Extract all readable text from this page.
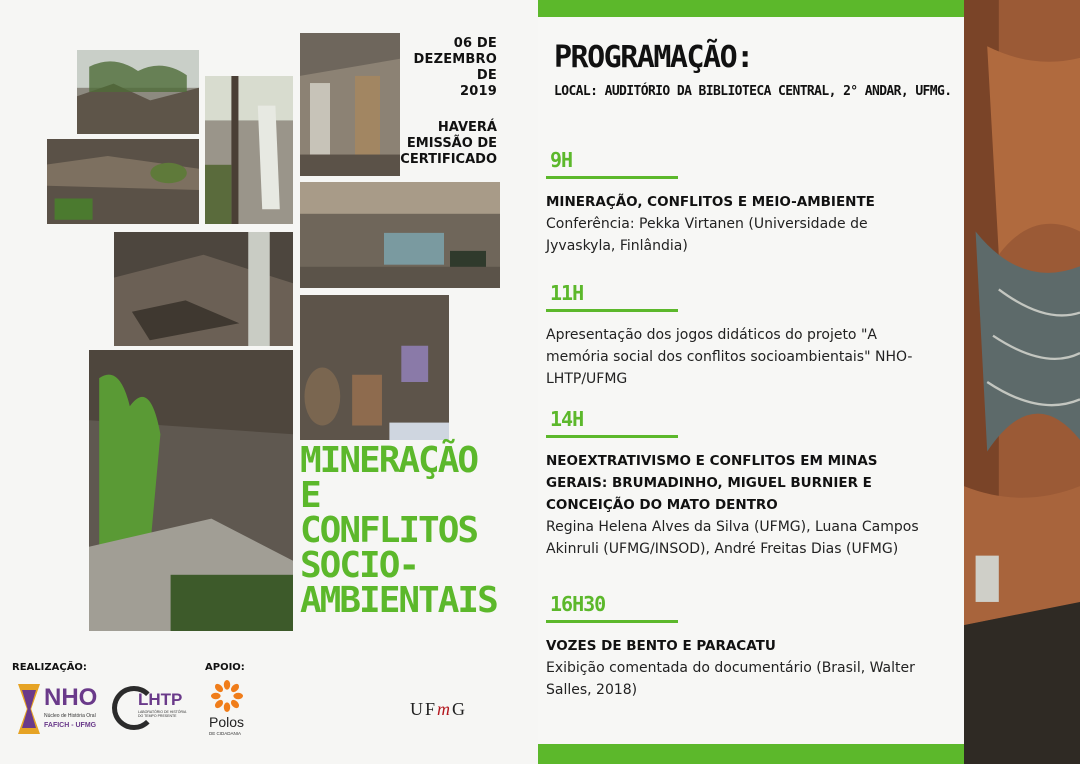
06 DE
DEZEMBRO
DE
2019
HAVERÁ
EMISSÃO DE
CERTIFICADO
MINERAÇÃO
E
CONFLITOS
SOCIO-
AMBIENTAIS
REALIZAÇÃO:	APOIO:
NHO
Núcleo de História Oral
FAFICH - UFMG
LHTP
LABORATÓRIO DE HISTÓRIA DO TEMPO PRESENTE	Polos
DE CIDADANIA
UFmG
PROGRAMAÇÃO:
LOCAL: AUDITÓRIO DA BIBLIOTECA CENTRAL, 2° ANDAR, UFMG.
9H
MINERAÇÃO, CONFLITOS E MEIO-AMBIENTE
Conferência: Pekka Virtanen (Universidade de Jyvaskyla, Finlândia)
11H
Apresentação dos jogos didáticos do projeto "A memória social dos conflitos socioambientais" NHO-LHTP/UFMG
14H
NEOEXTRATIVISMO E CONFLITOS EM MINAS GERAIS: BRUMADINHO, MIGUEL BURNIER E CONCEIÇÃO DO MATO DENTRO
Regina Helena Alves da Silva (UFMG), Luana Campos Akinruli (UFMG/INSOD), André Freitas Dias (UFMG)
16H30
VOZES DE BENTO E PARACATU
Exibição comentada do documentário (Brasil, Walter Salles, 2018)
